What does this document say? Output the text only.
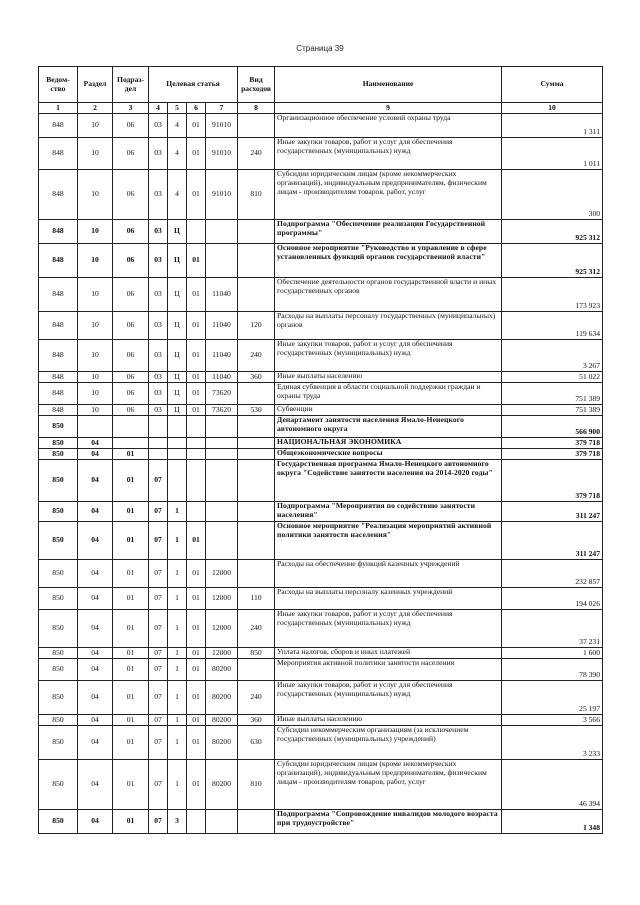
Страница 39
Ведом-ство	Раздел	Подраз-дел	Целевая статья				Вид расходов	Наименование	Сумма
1	2	3	4	5	6	7	8	9	10
848	10	06	03	4	01	91010		Организационное обеспечение условий охраны труда	1 311
848	10	06	03	4	01	91010	240	Иные закупки товаров, работ и услуг для обеспечения государственных (муниципальных) нужд	1 011
848	10	06	03	4	01	91010	810	Субсидии юридическим лицам (кроме некоммерческих организаций), индивидуальным предпринимателям, физическим лицам - производителям товаров, работ, услуг	300
848	10	06	03	Ц				Подпрограмма "Обеспечение реализации Государственной программы"	925 312
848	10	06	03	Ц	01			Основное мероприятие "Руководство и управление в сфере установленных функций органов государственной власти"	925 312
848	10	06	03	Ц	01	11040		Обеспечение деятельности органов государственной власти и иных государственных органов	173 923
848	10	06	03	Ц	01	11040	120	Расходы на выплаты персоналу государственных (муниципальных) органов	119 634
848	10	06	03	Ц	01	11040	240	Иные закупки товаров, работ и услуг для обеспечения государственных (муниципальных) нужд	3 267
848	10	06	03	Ц	01	11040	360	Иные выплаты населению	51 022
848	10	06	03	Ц	01	73620		Единая субвенция в области социальной поддержки граждан и охраны труда	751 389
848	10	06	03	Ц	01	73620	530	Субвенции	751 389
850								Департамент занятости населения Ямало-Ненецкого автономного округа	566 900
850	04							НАЦИОНАЛЬНАЯ ЭКОНОМИКА	379 718
850	04	01						Общеэкономические вопросы	379 718
850	04	01	07					Государственная программа Ямало-Ненецкого автономного округа "Содействие занятости населения на 2014-2020 годы"	379 718
850	04	01	07	1				Подпрограмма "Мероприятия по содействию занятости населения"	311 247
850	04	01	07	1	01			Основное мероприятие "Реализация мероприятий активной политики занятости населения"	311 247
850	04	01	07	1	01	12000		Расходы на обеспечение функций казенных учреждений	232 857
850	04	01	07	1	01	12000	110	Расходы на выплаты персоналу казенных учреждений	194 026
850	04	01	07	1	01	12000	240	Иные закупки товаров, работ и услуг для обеспечения государственных (муниципальных) нужд	37 231
850	04	01	07	1	01	12000	850	Уплата налогов, сборов и иных платежей	1 600
850	04	01	07	1	01	80200		Мероприятия активной политики занятости населения	78 390
850	04	01	07	1	01	80200	240	Иные закупки товаров, работ и услуг для обеспечения государственных (муниципальных) нужд	25 197
850	04	01	07	1	01	80200	360	Иные выплаты населению	3 566
850	04	01	07	1	01	80200	630	Субсидии некоммерческим организациям (за исключением государственных (муниципальных) учреждений)	3 233
850	04	01	07	1	01	80200	810	Субсидии юридическим лицам (кроме некоммерческих организаций), индивидуальным предпринимателям, физическим лицам - производителям товаров, работ, услуг	46 394
850	04	01	07	3				Подпрограмма "Сопровождение инвалидов молодого возраста при трудоустройстве"	1 348
